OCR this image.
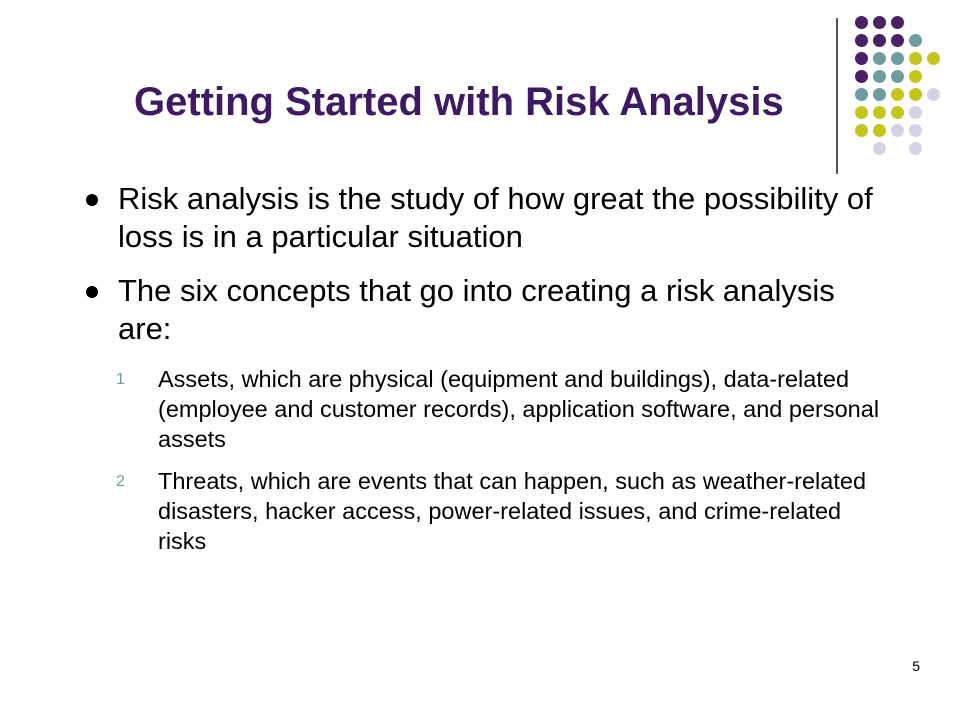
Getting Started with Risk Analysis
Risk analysis is the study of how great the possibility of loss is in a particular situation
The six concepts that go into creating a risk analysis are:
1 Assets, which are physical (equipment and buildings), data-related (employee and customer records), application software, and personal assets
2 Threats, which are events that can happen, such as weather-related disasters, hacker access, power-related issues, and crime-related risks
5
